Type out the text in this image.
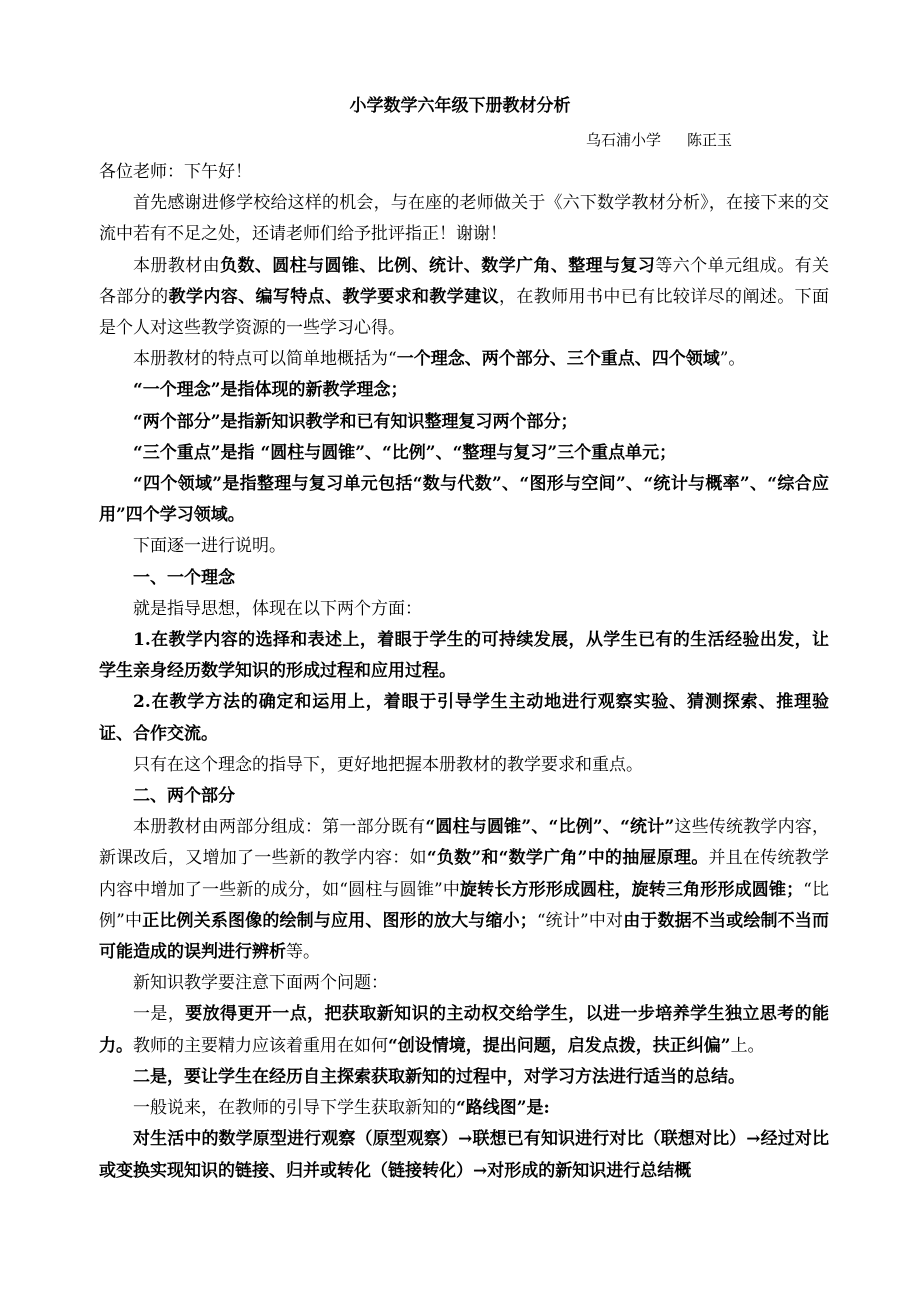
小学数学六年级下册教材分析
乌石浦小学 陈正玉

各位老师：下午好！

首先感谢进修学校给这样的机会，与在座的老师做关于《六下数学教材分析》，在接下来的交流中若有不足之处，还请老师们给予批评指正！谢谢！

本册教材由负数、圆柱与圆锥、比例、统计、数学广角、整理与复习等六个单元组成。有关各部分的教学内容、编写特点、教学要求和教学建议，在教师用书中已有比较详尽的阐述。下面是个人对这些教学资源的一些学习心得。

本册教材的特点可以简单地概括为“一个理念、两个部分、三个重点、四个领域”。

“一个理念”是指体现的新教学理念；

“两个部分”是指新知识教学和已有知识整理复习两个部分；

“三个重点”是指 “圆柱与圆锥”、“比例”、“整理与复习”三个重点单元；

“四个领域”是指整理与复习单元包括“数与代数”、“图形与空间”、“统计与概率”、“综合应用”四个学习领域。

下面逐一进行说明。

一、一个理念

就是指导思想，体现在以下两个方面：

1.在教学内容的选择和表述上，着眼于学生的可持续发展，从学生已有的生活经验出发，让学生亲身经历数学知识的形成过程和应用过程。

2.在教学方法的确定和运用上，着眼于引导学生主动地进行观察实验、猜测探索、推理验证、合作交流。

只有在这个理念的指导下，更好地把握本册教材的教学要求和重点。

二、两个部分

本册教材由两部分组成：第一部分既有“圆柱与圆锥”、“比例”、“统计”这些传统教学内容，新课改后，又增加了一些新的教学内容：如“负数”和“数学广角”中的抽屉原理。并且在传统教学内容中增加了一些新的成分，如“圆柱与圆锥”中旋转长方形形成圆柱，旋转三角形形成圆锥；“比例”中正比例关系图像的绘制与应用、图形的放大与缩小；“统计”中对由于数据不当或绘制不当而可能造成的误判进行辨析等。

新知识教学要注意下面两个问题：

一是，要放得更开一点，把获取新知识的主动权交给学生，以进一步培养学生独立思考的能力。教师的主要精力应该着重用在如何“创设情境，提出问题，启发点拨，扶正纠偏”上。

二是，要让学生在经历自主探索获取新知的过程中，对学习方法进行适当的总结。

一般说来，在教师的引导下学生获取新知的“路线图”是:

对生活中的数学原型进行观察（原型观察）→联想已有知识进行对比（联想对比）→经过对比或变换实现知识的链接、归并或转化（链接转化）→对形成的新知识进行总结概
